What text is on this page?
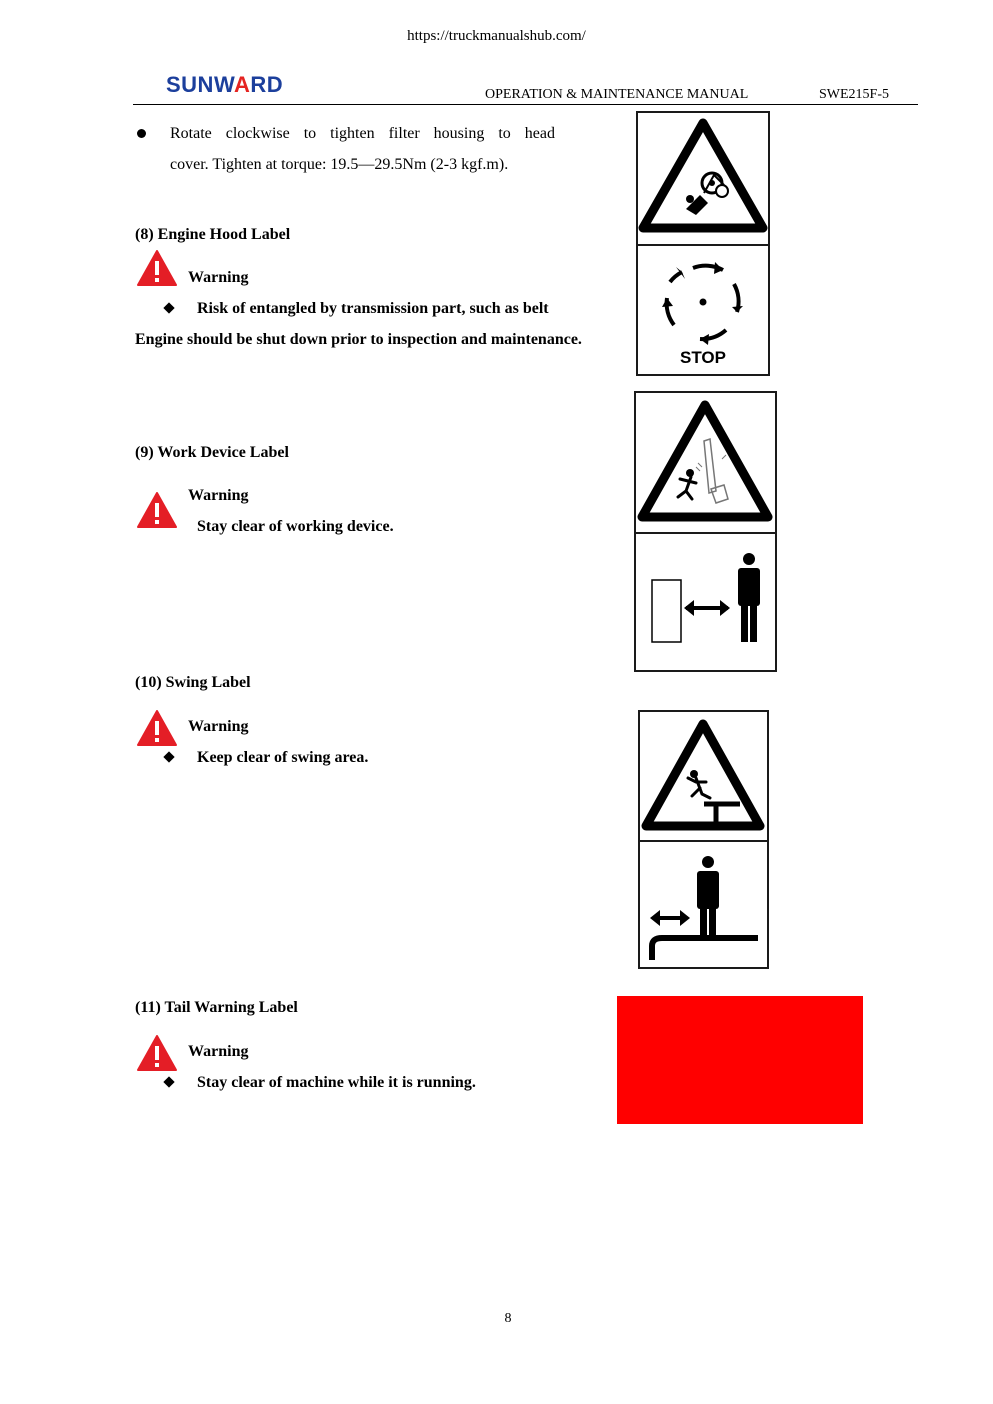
https://truckmanualshub.com/
SUNWARD	OPERATION & MAINTENANCE MANUAL	SWE215F-5
Rotate clockwise to tighten filter housing to head
cover. Tighten at torque: 19.5—29.5Nm (2-3 kgf.m).
(8) Engine Hood Label
Warning
Risk of entangled by transmission part, such as belt
Engine should be shut down prior to inspection and maintenance.
STOP
(9) Work Device Label
Warning
Stay clear of working device.
(10) Swing Label
Warning
Keep clear of swing area.
(11) Tail Warning Label
Warning
Stay clear of machine while it is running.
8
